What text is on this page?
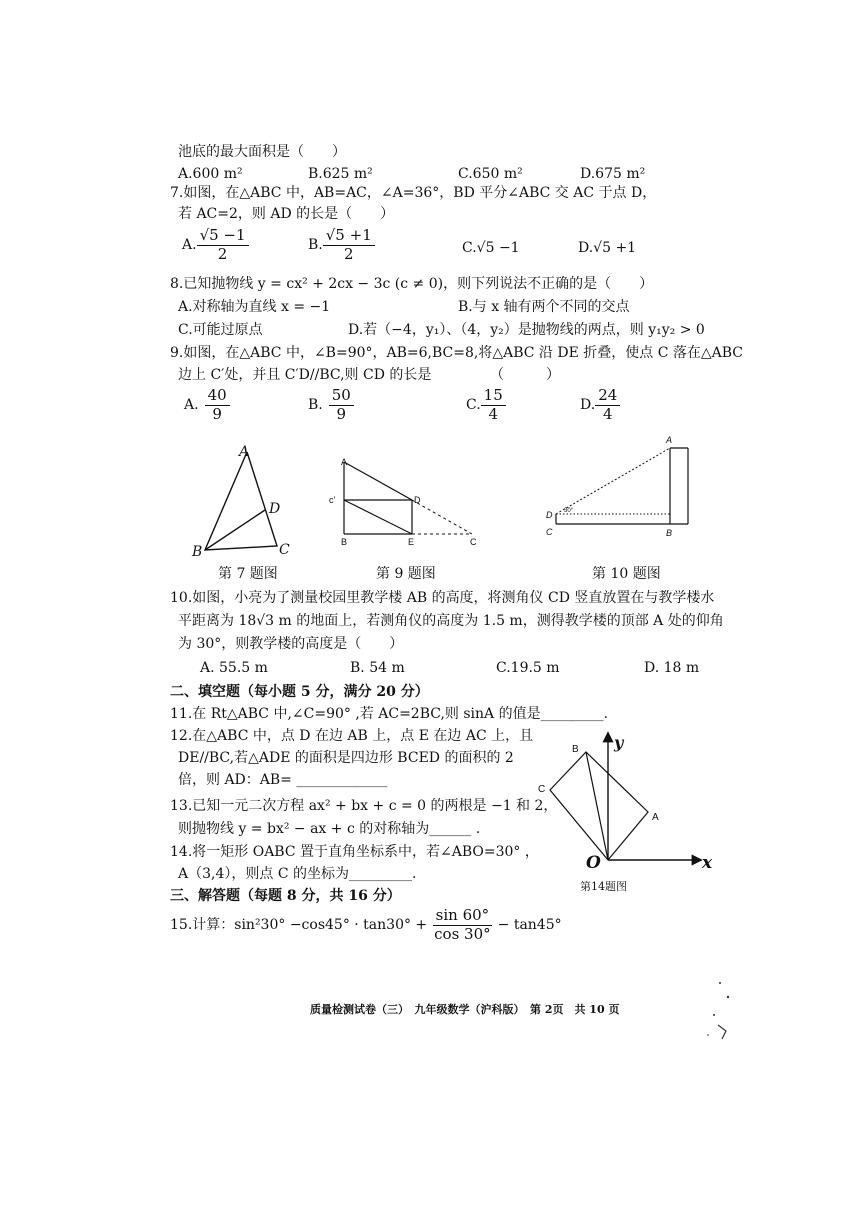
池底的最大面积是（　　）
A.600 m²	B.625 m²	C.650 m²	D.675 m²
7.如图，在△ABC 中，AB=AC，∠A=36°，BD 平分∠ABC 交 AC 于点 D，
若 AC=2，则 AD 的长是（　　）
A. $\frac{√5 -1}{2}$	B. $\frac{√5 +1}{2}$	C.√5 −1	D.√5 +1
8.已知抛物线 y = cx² + 2cx − 3c (c ≠ 0)，则下列说法不正确的是（　　）
A.对称轴为直线 x = −1	B.与 x 轴有两个不同的交点
C.可能过原点	D.若（−4，y₁）、（4，y₂）是抛物线的两点，则 y₁y₂ > 0
9.如图，在△ABC 中，∠B=90°，AB=6,BC=8,将△ABC 沿 DE 折叠，使点 C 落在△ABC
边上 C′处，并且 C′D//BC,则 CD 的长是	（　　　）
A. $\frac{40}{9}$	B. $\frac{50}{9}$	C. $\frac{15}{4}$	D. $\frac{24}{4}$
A
D
B	C
第 7 题图
A
c'	D
B	E	C
第 9 题图
A
D 30°
C	B
第 10 题图
10.如图，小亮为了测量校园里教学楼 AB 的高度，将测角仪 CD 竖直放置在与教学楼水
平距离为 18√3 m 的地面上，若测角仪的高度为 1.5 m，测得教学楼的顶部 A 处的仰角
为 30°，则教学楼的高度是（　　）
A. 55.5 m	B. 54 m	C.19.5 m	D. 18 m
二、填空题（每小题 5 分，满分 20 分）
11.在 Rt△ABC 中,∠C=90° ,若 AC=2BC,则 sinA 的值是_________.
12.在△ABC 中，点 D 在边 AB 上，点 E 在边 AC 上，且
DE//BC,若△ADE 的面积是四边形 BCED 的面积的 2
倍，则 AD：AB= _____________
13.已知一元二次方程 ax² + bx + c = 0 的两根是 −1 和 2，
则抛物线 y = bx² − ax + c 的对称轴为______ .
14.将一矩形 OABC 置于直角坐标系中，若∠ABO=30° ，
A（3,4），则点 C 的坐标为_________.
B y
C
A
O	x
第14题图
三、解答题（每题 8 分，共 16 分）
15.计算：$\sin^230^\circ -\cos 45^\circ \cdot \tan 30^\circ + \frac{\sin 60^\circ}{\cos 30^\circ} - \tan 45^\circ$
质量检测试卷（三）　九年级数学（沪科版）　第 2页　共 10 页
